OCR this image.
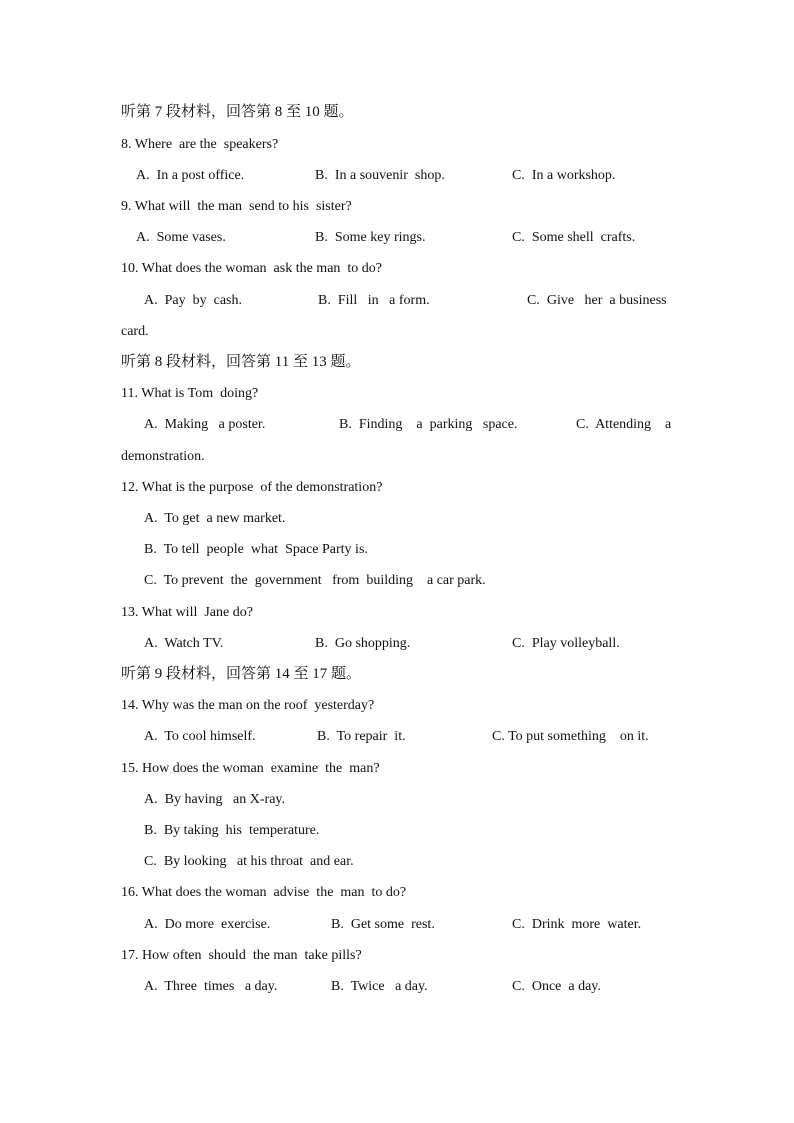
听第 7 段材料，回答第 8 至 10 题。
8. Where  are the  speakers?
A.  In a post office.	B.  In a souvenir  shop.	C.  In a workshop.
9. What will  the man  send to his  sister?
A.  Some vases.	B.  Some key rings.	C.  Some shell  crafts.
10. What does the woman  ask the man  to do?
A.  Pay  by  cash.	B.  Fill   in   a form.	C.  Give   her  a business
card.
听第 8 段材料，回答第 11 至 13 题。
11. What is Tom  doing?
A.  Making   a poster.	B.  Finding    a  parking   space.	C.  Attending    a
demonstration.
12. What is the purpose  of the demonstration?
A.  To get  a new market.
B.  To tell  people  what  Space Party is.
C.  To prevent  the  government   from  building    a car park.
13. What will  Jane do?
A.  Watch TV.	B.  Go shopping.	C.  Play volleyball.
听第 9 段材料，回答第 14 至 17 题。
14. Why was the man on the roof  yesterday?
A.  To cool himself.	B.  To repair  it.	C. To put something    on it.
15. How does the woman  examine  the  man?
A.  By having   an X-ray.
B.  By taking  his  temperature.
C.  By looking   at his throat  and ear.
16. What does the woman  advise  the  man  to do?
A.  Do more  exercise.	B.  Get some  rest.	C.  Drink  more  water.
17. How often  should  the man  take pills?
A.  Three  times   a day.	B.  Twice   a day.	C.  Once  a day.
